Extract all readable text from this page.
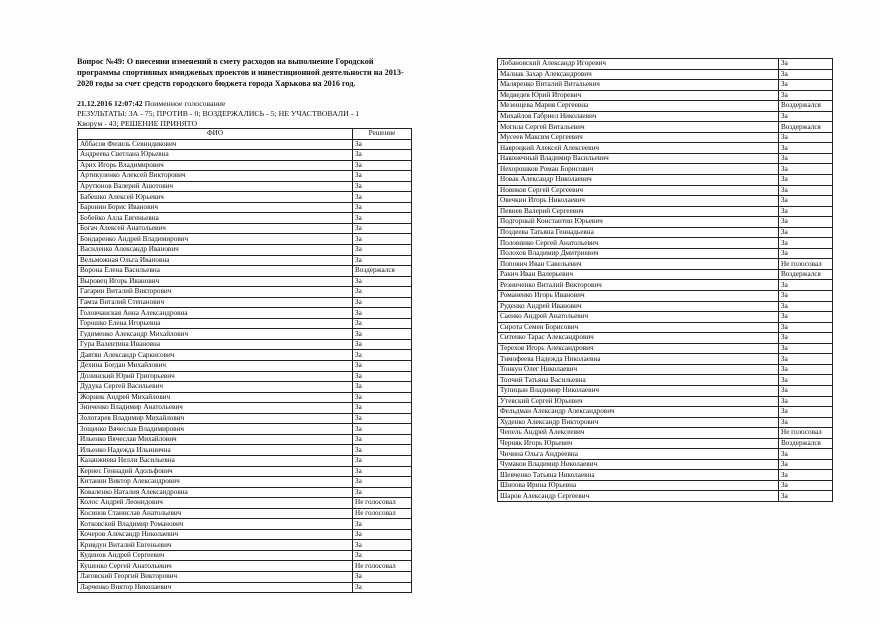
Вопрос №49: О внесении изменений в смету расходов на выполнение Городской программы спортивных имиджевых проектов и инвестиционной деятельности на 2013-2020 годы за счет средств городского бюджета города Харькова на 2016 год.
21.12.2016 12:07:42 Поименное голосование
РЕЗУЛЬТАТЫ: ЗА - 75; ПРОТИВ - 0; ВОЗДЕРЖАЛИСЬ - 5; НЕ УЧАСТВОВАЛИ - 1
Кворум - 43; РЕШЕНИЕ ПРИНЯТО
ФИО	Решение
Аббасов Физиль Севиндикович	За
Андреева Светлана Юрьевна	За
Арих Игорь Владимирович	За
Артикуленко Алексей Викторович	За
Арутюнов Валерий Ашотович	За
Бабешко Алексей Юрьевич	За
Баронин Борис Иванович	За
Бобейко Алла Евгеньевна	За
Богач Алексей Анатольевич	За
Бондаренко Андрей Владимирович	За
Василенко Александр Иванович	За
Вельможная Ольга Ивановна	За
Ворона Елена Васильевна	Воздержался
Выровец Игорь Иванович	За
Гагарин Виталий Викторович	За
Гамза Виталий Степанович	За
Головчанская Анна Александровна	За
Горошко Елена Игорьевна	За
Гудименко Александр Михайлович	За
Гура Валентина Ивановна	За
Давтян Александр Саркисович	За
Дехина Богдан Михайлович	За
Долинский Юрий Григорьевич	За
Дудука Сергей Васильевич	За
Жорник Андрей Михайлович	За
Зинченко Владимир Анатольевич	За
Золотарев Владимир Михайлович	За
Зощенко Вячеслав Владимирович	За
Ильенко Вячеслав Михайлович	За
Ильенко Надежда Ильинична	За
Казанжиева Нелли Васильевна	За
Кернес Геннадий Адольфович	За
Китанин Виктор Александрович	За
Коваленко Наталия Александровна	За
Колос Андрей Леонидович	Не голосовал
Косинов Станислав Анатольевич	Не голосовал
Котковский Владимир Романович	За
Кочеров Александр Николаевич	За
Кривдун Виталий Евгеньевич	За
Кудинов Андрей Сергеевич	За
Кушенко Сергей Анатольевич	Не голосовал
Лаговский Георгий Викторович	За
Ларченко Виктор Николаевич	За
Лобановский Александр Игоревич	За
Малнак Захар Александрович	За
Маляренко Виталий Витальевич	За
Медведев Юрий Игоревич	За
Мезенцева Мария Сергеевна	Воздержался
Михайлов Габриел Николаевич	За
Могила Сергей Витальевич	Воздержался
Мусеев Максим Сергеевич	За
Навроцкий Алексей Алексеевич	За
Наконечный Владимир Васильевич	За
Нехорошков Роман Борисович	За
Новак Александр Николаевич	За
Новиков Сергей Сергеевич	За
Овечкин Игорь Николаевич	За
Певнев Валерий Сергеевич	За
Подгорный Константин Юрьевич	За
Поздеева Татьяна Геннадьевна	За
Половинко Сергей Анатольевич	За
Полохов Владимир Дмитриевич	За
Попович Иван Савельевич	Не голосовал
Ракич Иван Валерьевич	Воздержался
Резниченко Виталий Викторович	За
Романенко Игорь Иванович	За
Руденко Андрей Иванович	За
Саенко Андрей Анатольевич	За
Сирота Семен Борисович	За
Ситенко Тарас Александрович	За
Терехов Игорь Александрович	За
Тимофеева Надежда Николаевна	За
Тонкун Олег Николаевич	За
Топчий Татьяна Васильевна	За
Тупицын Владимир Николаевич	За
Утевский Сергей Юрьевич	За
Фельдман Александр Александрович	За
Худенко Александр Викторович	За
Чепель Андрей Алексеевич	Не голосовал
Черняк Игорь Юрьевич	Воздержался
Чичина Ольга Андреевна	За
Чумаков Владимир Николаевич	За
Шевченко Татьяна Николаевна	За
Шипова Ирина Юрьевна	За
Шаров Александр Сергеевич	За
